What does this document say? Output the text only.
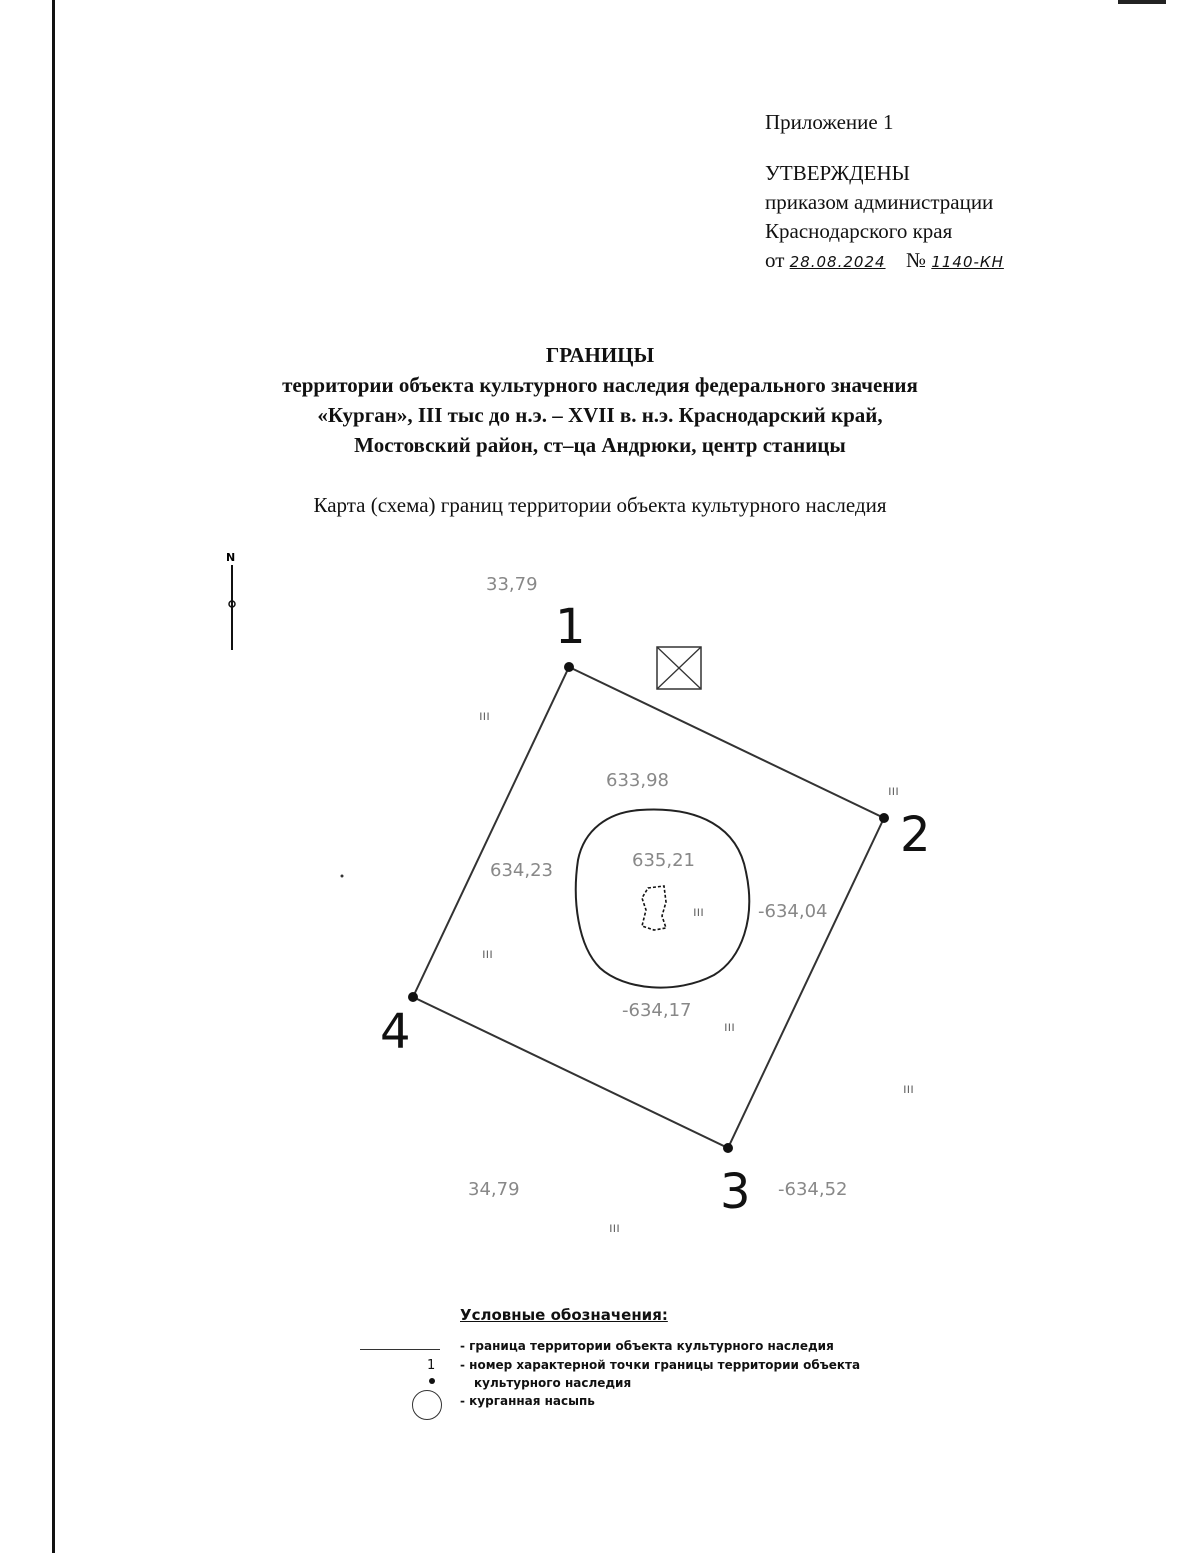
Приложение 1
УТВЕРЖДЕНЫ
приказом администрации
Краснодарского края
от 28.08.2024 № 1140-КН
ГРАНИЦЫ
территории объекта культурного наследия федерального значения
«Курган», III тыс до н.э. – XVII в. н.э. Краснодарский край,
Мостовский район, ст–ца Андрюки, центр станицы
Карта (схема) границ территории объекта культурного наследия
N
1
2
3
4
33,79
633,98
635,21
634,23
-634,04
-634,17
34,79	-634,52
ııı
ııı
ııı
ııı
ııı
ııı
ııı
Условные обозначения:
- граница территории объекта культурного наследия
1 - номер характерной точки границы территории объекта
культурного наследия
- курганная насыпь
